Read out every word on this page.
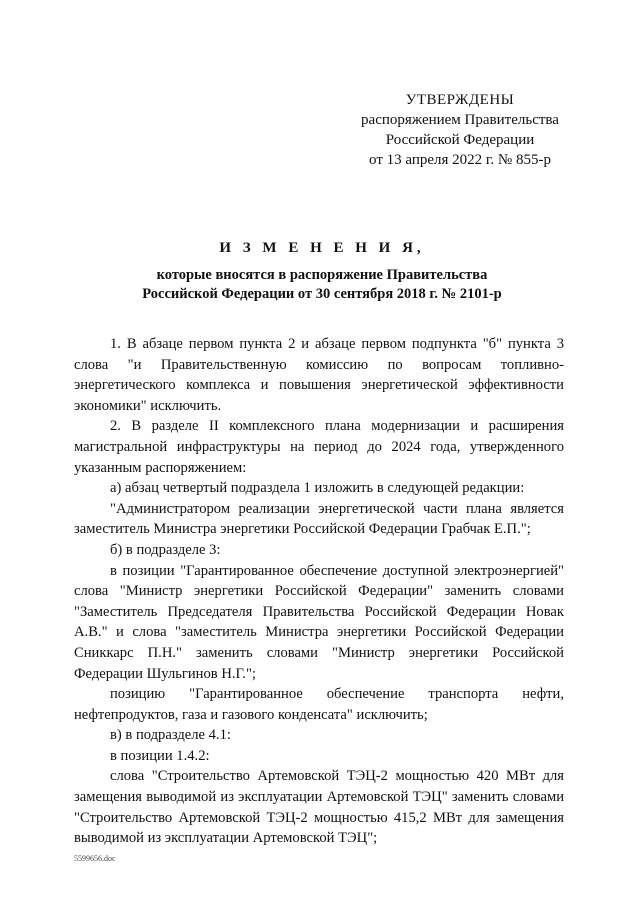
УТВЕРЖДЕНЫ
распоряжением Правительства
Российской Федерации
от 13 апреля 2022 г. № 855-р
И З М Е Н Е Н И Я,
которые вносятся в распоряжение Правительства
Российской Федерации от 30 сентября 2018 г. № 2101-р

1. В абзаце первом пункта 2 и абзаце первом подпункта "б" пункта 3 слова "и Правительственную комиссию по вопросам топливно-энергетического комплекса и повышения энергетической эффективности экономики" исключить.

2. В разделе II комплексного плана модернизации и расширения магистральной инфраструктуры на период до 2024 года, утвержденного указанным распоряжением:

а) абзац четвертый подраздела 1 изложить в следующей редакции:

"Администратором реализации энергетической части плана является заместитель Министра энергетики Российской Федерации Грабчак Е.П.";

б) в подразделе 3:

в позиции "Гарантированное обеспечение доступной электроэнергией" слова "Министр энергетики Российской Федерации" заменить словами "Заместитель Председателя Правительства Российской Федерации Новак А.В." и слова "заместитель Министра энергетики Российской Федерации Сниккарс П.Н." заменить словами "Министр энергетики Российской Федерации Шульгинов Н.Г.";

позицию "Гарантированное обеспечение транспорта нефти, нефтепродуктов, газа и газового конденсата" исключить;

в) в подразделе 4.1:

в позиции 1.4.2:

слова "Строительство Артемовской ТЭЦ-2 мощностью 420 МВт для замещения выводимой из эксплуатации Артемовской ТЭЦ" заменить словами "Строительство Артемовской ТЭЦ-2 мощностью 415,2 МВт для замещения выводимой из эксплуатации Артемовской ТЭЦ";

5599656.doc
